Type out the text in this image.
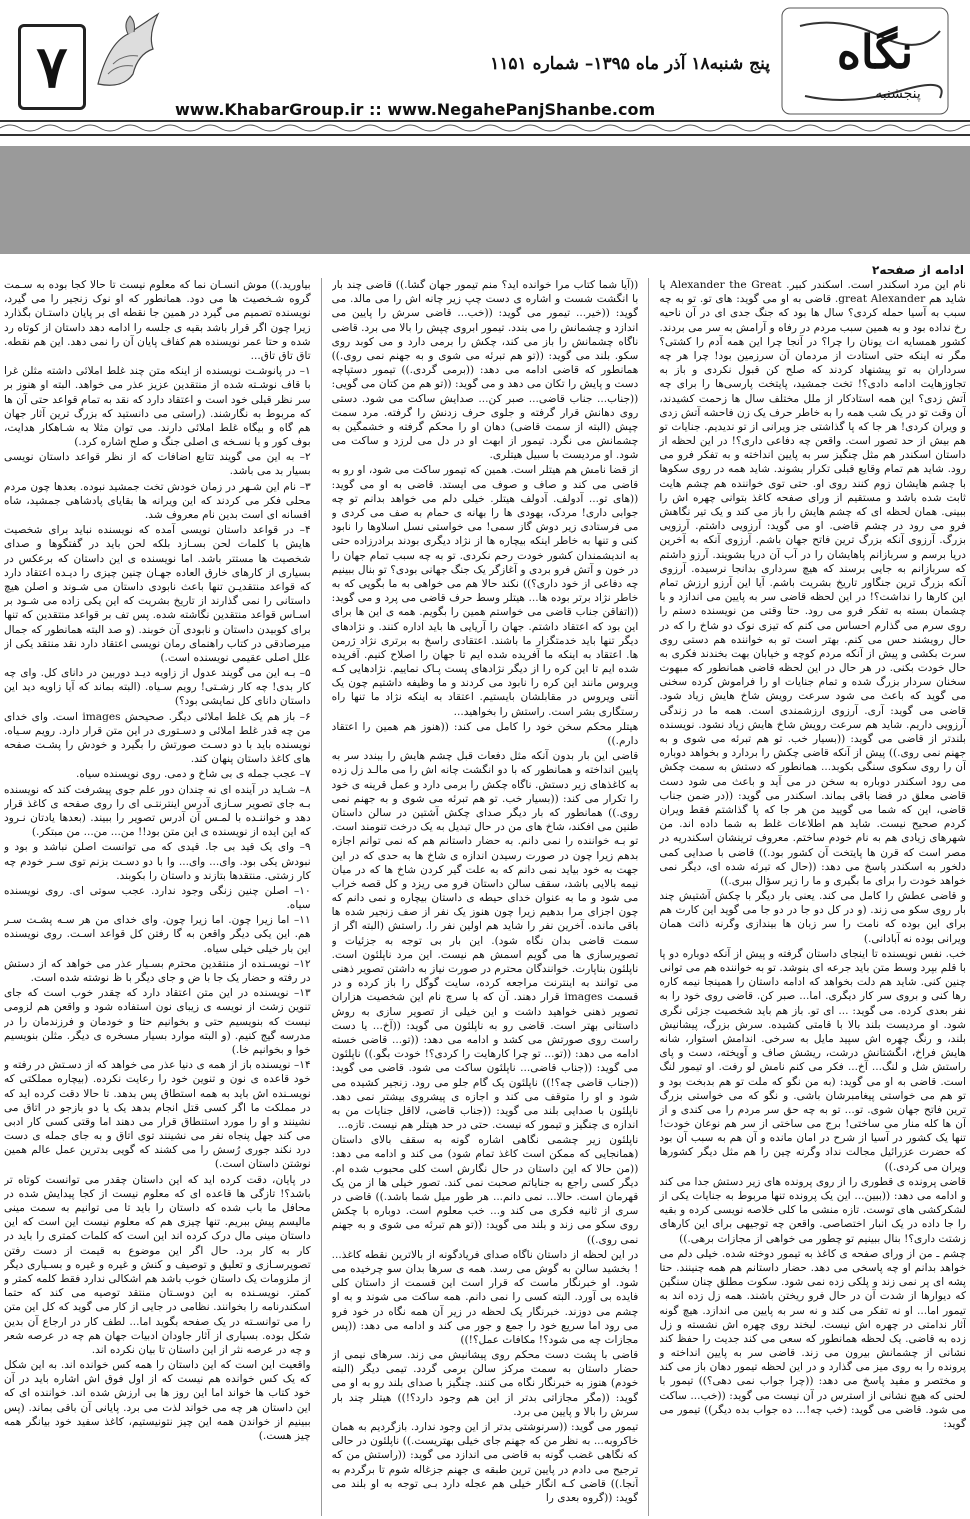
نگاه
پنجشنبه
پنج شنبه۱۸ آذر ماه ۱۳۹۵– شماره ۱۱۵۱
۷
www.KhabarGroup.ir :: www.NegahePanjShanbe.com
ادامه از صفحه۲

نام این مرد اسکندر است. اسکندر کبیر. Alexander the Great یا شاید هم great Alexander. قاضی به او می گوید: های تو. تو به چه سبب به آسیا حمله کردی؟ سال ها بود که جنگ جدی ای در آن ناحیه رخ نداده بود و به همین سبب مردم در رفاه و آرامش به سر می بردند. کشور همسایه ات یونان را چرا؟ در آنجا چرا این همه آدم را کشتی؟ مگر نه اینکه حتی استادت از مردمان آن سرزمین بود! چرا هر چه سرداران به تو پیشنهاد کردند که صلح کن قبول نکردی و باز به تجاوزهایت ادامه دادی؟! تخت جمشید، پایتخت پارسی‌ها را برای چه آتش زدی؟ این همه استادکار از ملل مختلف سال ها زحمت کشیدند، آن وقت تو در یک شب همه را به خاطر حرف یک زن فاحشه آتش زدی و ویران کردی! هر جا که پا گذاشتی جز ویرانی از تو ندیدیم. جنایات تو هم بیش از حد تصور است. واقعن چه دفاعی داری؟! در این لحظه از داستان اسکندر هم مثل چنگیز سر به پایین انداخته و به تفکر فرو می رود. شاید هم تمام وقایع قبلی تکرار بشوند. شاید همه در روی سکوها با چشم هایشان زوم کنند روی او. حتی توی خواننده هم چشم هایت ثابت شده باشد و مستقیم از ورای صفحه کاغذ بتوانی چهره اش را ببینی. همان لحظه ای که چشم هایش را باز می کند و یک تیر نگاهش فرو می رود در چشم قاضی. او می گوید: آرزویی داشتم. آرزویی بزرگ. آرزوی آنکه بزرگ ترین فاتح جهان باشم. آرزوی آنکه به آخرین دریا برسم و سربازانم پاهایشان را در آب آن دریا بشویند. آرزو داشتم که سربازانم به جایی برسند که هیچ سرداری بدانجا نرسیده. آرزوی آنکه بزرگ ترین جنگاور تاریخ بشریت باشم. آیا این آرزو ارزش تمام این کارها را نداشت؟! در این لحظه قاضی سر به پایین می اندازد و با چشمان بسته به تفکر فرو می رود. حتا وقتی من نویسنده دستم را روی سرم می گذارم احساس می کنم که تیزی نوک دو شاخ را که در حال رویشند حس می کنم. بهتر است تو به خواننده هم دستی روی سرت بکشی و پیش از آنکه مردم کوچه و خیابان بهت بخندند فکری به حال خودت بکنی. در هر حال در این لحظه قاضی همانطور که مبهوت سخنان سردار بزرگ شده و تمام جنایات او را فراموش کرده سخنی می گوید که باعث می شود سرعت رویش شاخ هایش زیاد شود. قاضی می گوید: آری. آرزوی ارزشمندی است. همه ما در زندگی آرزویی داریم. شاید هم سرعت رویش شاخ هایش زیاد نشود. نویسنده بلندتر از قاضی می گوید: ((بسیار خب. تو هم تبرئه می شوی و به جهنم نمی روی.)) پیش از آنکه قاضی چکش را بردارد و بخواهد دوباره آن را روی سکوی سنگی بکوبد... همانطور که دستش به سمت چکش می رود اسکندر دوباره به سخن در می آید و باعث می شود دست قاضی معلق در فضا باقی بماند. اسکندر می گوید: ((در ضمن جناب قاضی، این که شما می گویید من هر جا که پا گذاشتم فقط ویران کردم صحیح نیست. شاید هم اطلاعات غلط به شما داده اند. من شهرهای زیادی هم به نام خودم ساختم. معروف ترینشان اسکندریه در مصر است که قرن ها پایتخت آن کشور بود.)) قاضی با صدایی کمی دلخور به اسکندر پاسخ می دهد: ((حال که تبرئه شده ای، دیگر نمی خواهد خودت را برای ما بگیری و ما را زیر سؤال ببری.))

و قاضی عطش را کامل می کند. یعنی بار دیگر با چکش آشتیش چند بار روی سکو می زند. (و در کل دو جا در دو جا می گوید این کارت هم برای این بوده که نامت را سر زبان ها بیندازی وگرنه ذاتت همان ویرانی بوده نه آبادانی.)

خب. نفس نویسنده تا اینجای داستان گرفته و پیش از آنکه دوباره دو پا با قلم بپرد وسط متن باید جرعه ای بنوشد. تو به خواننده هم می توانی چنین کنی. شاید هم دلت بخواهد که ادامه داستان را همینجا نیمه کاره رها کنی و بروی سر کار دیگری. اما... صبر کن. قاضی روی خود را به نفر بعدی کرده. می گوید: ... ای تو. باز هم باید شخصیت جزئی نگری شود. او مردیست بلند بالا با قامتی کشیده. سرش بزرگ، پیشانیش بلند، و رنگ چهره اش سپید مایل به سرخی. اندامش استوار، شانه هایش فراخ، انگشتانش درشت، ریشش صاف و آویخته، دست و پای راستش شل و لنگ... آخ... فکر می کنم نامش لو رفت. او تیمور لنگ است. قاضی به او می گوید: (به من نگو که ملت تو هم بدبخت بود و تو هم می خواستی پیغامبرشان باشی. و نگو که می خواستی بزرگ ترین فاتح جهان شوی. تو... تو به چه حق سر مردم را می کندی و از آن ها کله منار می ساختی! برج می ساختی از سر هم نوعان خودت! تنها یک کشور در آسیا از شرح در امان مانده و آن هم به سبب آن بود که حضرت عزرائیل مجالت نداد وگرنه چین را هم مثل دیگر کشورها ویران می کردی.))

قاضی پرونده ی قطوری را از روی پرونده های زیر دستش جدا می کند و ادامه می دهد: ((ببین... این یک پرونده تنها مربوط به جنایات یکی از لشکرکشی های توست. تازه منشی ما کلی خلاصه نویسی کرده و بقیه را جا داده در یک انبار اختصاصی. واقعن چه توجیهی برای این کارهای زشتت داری؟! بنال ببینیم تو چطور می خواهی از مجازات برهی.))

چشم ـ من از ورای صفحه ی کاغذ به تیمور دوخته شده. خیلی دلم می خواهد بدانم او چه پاسخی می دهد. حضار داستانم هم همه چنینند. حتا پشه ای پر نمی زند و پلکی زده نمی شود. سکوت مطلق چنان سنگین که دیوارها از شدت آن در حال فرو ریختن باشند. همه زل زده اند به تیمور اما... او نه تفکر می کند و نه سر به پایین می اندازد. هیچ گونه آثار ندامتی در چهره اش نیست. لبخند روی چهره اش نشسته و زل زده به قاضی. یک لحظه همانطور که سعی می کند جدیت را حفظ کند نشانی از چشمانش بیرون می زند. قاضی سر به پایین انداخته و پرونده را به روی میز می گذارد و در این لحظه تیمور دهان باز می کند و مختصر و مفید پاسخ می دهد: ((چرا جواب نمی دهی؟)) تیمور با لحنی که هیچ نشانی از استرس در آن نیست می گوید: ((خب... ساکت می شود. قاضی می گوید: (خب چه!... ده جواب بده دیگر)) تیمور می گوید:

((آیا شما کتاب مرا خوانده اید؟ منم تیمور جهان گشا.)) قاضی چند بار با انگشت شست و اشاره ی دست چپ زیر چانه اش را می مالد. می گوید: ((خیر... تیمور می گوید: ((خب... قاضی سرش را پایین می اندازد و چشمانش را می بندد. تیمور ابروی چپش را بالا می برد. قاضی ناگاه چشمانش را باز می کند، چکش را برمی دارد و می کوبد روی سکو. بلند می گوید: ((تو هم تبرئه می شوی و به جهنم نمی روی.)) همانطور که قاضی ادامه می دهد: ((برمی گردی.)) تیمور دستپاچه دست و پایش را تکان می دهد و می گوید: ((تو هم من کتان می گویی: ((جناب... جناب قاضی... صبر کن... صدایش ساکت می شود. دستی روی دهانش قرار گرفته و جلوی حرف زدنش را گرفته. مرد سمت چپش (البته از سمت قاضی) دهان او را محکم گرفته و خشمگین به چشمانش می نگرد. تیمور از ابهت او در دل می لرزد و ساکت می شود. او مردیست با سبیل هیتلری.

از قضا نامش هم هیتلر است. همین که تیمور ساکت می شود، او رو به قاضی می کند و صاف و صوف می ایستد. قاضی به او می گوید: ((های تو... آدولف. آدولف هیتلر. خیلی دلم می خواهد بدانم تو چه جوابی داری! مردک، یهودی ها را بهانه ی حمام به صف می کردی و می فرستادی زیر دوش گاز سمی! می خواستی نسل اسلاوها را نابود کنی و تنها به خاطر اینکه بیچاره ها از نژاد دیگری بودند برادرزاده حتی به اندیشمندان کشور خودت رحم نکردی. تو به چه سبب تمام جهان را در خون و آتش فرو بردی و آغازگر یک جنگ جهانی بودی؟ تو بنال ببینیم چه دفاعی از خود داری؟)) نکند حالا هم می خواهی به ما بگویی که به خاطر نژاد برتر بوده ها... هیتلر وسط حرف قاضی می پرد و می گوید: ((اتفاقن جناب قاضی می خواستم همین را بگویم. همه ی این ها برای این بود که اعتقاد داشتم. جهان را آریایی ها باید اداره کنند. و نژادهای دیگر تنها باید خدمتگزار ما باشند. اعتقادی راسخ به برتری نژاد ژرمن ها. اعتقاد به اینکه ما آفریده شده ایم تا جهان را اصلاح کنیم. آفریده شده ایم تا این کره را از دیگر نژادهای پست پـاک نماییم. نژادهایی کـه ویروس مانند این کره را نابود می کردند و ما وظیفه داشتیم چون یک آنتی ویروس در مقابلشان بایستیم. اعتقاد به اینکه نژاد ما تنها راه رستگاری بشر است. راستش را بخواهید...

هیتلر محکم سخن خود را کامل می کند: ((هنوز هم همین را اعتقاد دارم.))

قاضی این بار بدون آنکه مثل دفعات قبل چشم هایش را ببندد سر به پایین انداخته و همانطور که با دو انگشت چانه اش را می مالـد زل زده به کاغذهای زیر دستش. ناگاه چکش را برمی دارد و عمل قرینه ی خود را تکرار می کند: ((بسیار خب. تو هم تبرئه می شوی و به جهنم نمی روی.)) همانطور که بار دیگر صدای چکش آشتین در سالن داستان طنین می افکند، شاخ های من در حال تبدیل به یک درخت تنومند است. تو بـه خواننده را نمی دانم. به حضار داستانم هم که نمی توانم اجازه بدهم زیرا چون در صورت رسیدن اندازه ی شاخ ها به حدی که در این جهت به خود بیاید نمی دانم که به علت گیر کردن شاخ ها که در میان نیمه بالایی باشد، سقف سالن داستان فرو می ریزد و کل قصه خراب می شود و ما به عنوان خدای حیطه ی داستان بیچاره و نمی دانم که چون اجزای مرا بدهیم زیرا چون هنوز یک نفر از صف زنجیر شده ها باقی مانده. آخرین نفر را شاید هم اولین نفر را. راستش (البته اگر از سمت قاضی بدان نگاه شود). این بار بی توجه به جزئیات و تصویرسازی ها می گویم اسمش هم نیست. این مرد ناپلئون است. ناپلئون بناپارت. خوانندگان محترم در صورت نیاز به داشتن تصویر ذهنی می توانند به اینترنت مراجعه کرده، سایت گوگل را باز کرده و در قسمت images قرار دهند. آن که با سرچ نام این شخصیت هزاران تصویر ذهنی خواهید داشت و این خیلی از تصویر سازی به روش داستانی بهتر است. قاضی رو به ناپلئون می گوید: ((آخ... یا دست راست روی صورتش می کشد و ادامه می دهد: ((تو... قاضی خسته ادامه می دهد: ((تو... تو چرا کارهایت را کردی؟! خودت بگو.)) ناپلئون می گوید: ((جناب قاضی... ناپلئون ساکت می شود. قاضی می گوید: ((جناب قاضی چه؟!)) ناپلئون یک گام جلو می رود. زنجیر کشیده می شود و او را متوقف می کند و اجازه ی پیشروی بیشتر نمی دهد. ناپلئون با صدایی بلند می گوید: ((جناب قاضی، لااقل جنایات من به اندازه ی چنگیز و تیمور که نیست. حتی در حد هیتلر هم نیست. تازه...

ناپلئون زیر چشمی نگاهی اشاره گونه به سقف بالای داستان (همانجایی که ممکن است کاغذ تمام شود) می کند و ادامه می دهد: ((من حالا که این داستان در حال نگارش است کلی محبوب شده ام. دیگر کسی راجع به جنایاتم صحبت نمی کند. تصور خیلی ها از من یک قهرمان است. حالا... نمی دانم... هر طور میل شما باشد.)) قاضی در سری از ثانیه فکری می کند و... خب معلوم است. دوباره با چکش روی سکو می زند و بلند می گوید: ((تو هم تبرئه می شوی و به جهنم نمی روی.))

در این لحظه از داستان ناگاه صدای فریادگونه از بالاترین نقطه کاغذ... ! بخشید سالن به گوش می رسد. همه ی سرها بدان سو چرخیده می شود. او خبرنگار ماست که قرار است این قسمت از داستان کلی فایده بی آورد. البته کسی را نمی دانم. همه ساکت می شوند و به او چشم می دوزند. خبرنگار یک لحظه در زیر آن همه نگاه در خود فرو می رود اما سریع خود را جمع و جور می کند و ادامه می دهد: ((پس مجازات چه می شود؟! مکافات عمل؟!))

قاضی با پشت دست محکم روی پیشانیش می زند. سرهای نیمی از حضار داستان به سمت مرکز سالن برمی گردد. تیمی دیگر (البته خودم) هنوز به خبرنگار نگاه می کنند. چنگیز با صدای بلند رو به او می گوید: ((مگر مجازاتی بدتر از این هم وجود دارد؟!)) هیتلر چند بار سرش را بالا و پایین می برد.

تیمور می گوید: ((سرنوشتی بدتر از این وجود ندارد. بازگردیم به همان خاکروبه... به نظر من که جهنم جای خیلی بهتریست.)) ناپلئون در حالی که نگاهی غضب گونه به قاضی می اندازد می گوید: ((راستش من که ترجیح می دادم در پایین ترین طبقه ی جهنم جزغاله شوم تا برگردم به آنجا.)) قاضی کـه انگار خیلی هم عجله دارد بـی توجه به او بلند می گوید: ((گروه بعدی را

بیاورید.)) موش انسـان نما که معلوم نیست تا حالا کجا بوده به سـمت گروه شـخصیت ها می دود. همانطور که او نوک زنجیر را می گیرد، نویسنده تصمیم می گیرد در همین جا نقطه ای بر پایان داستـان بگذارد زیرا چون اگر قرار باشد بقیه ی جلسه را ادامه دهد داستان از کوتاه رد شده و حتا عمر نویسنده هم کفاف پایان آن را نمی دهد. این هم نقطه. تاق تاق تاق...

۱– در پانوشـت نویسنده از اینکه متن چند غلط املائی داشته مثلن غرا با قاف نوشـته شده از منتقدین عزیز عذر می خواهد. البته او هنوز بر سر نظر قبلی خود است و اعتقاد دارد که نقد به تمام قواعد حتی آن ها که مربوط به نگارشند. (راستی می دانستید که بزرگ ترین آثار جهان هم گاه و بیگاه غلط املائی دارند. می توان مثلا به شـاهکار هدایت، بوف کور و یا نسـخه ی اصلی جنگ و صلح اشاره کرد.)

۲– به این می گویند تتابع اضافات که از نظر قواعد داستان نویسی بسیار بد می باشد.

۳– نام این شـهر در زمان خودش تخت جمشید نبوده. بعدها چون مردم محلی فکر می کردند که این ویرانه ها بقایای پادشاهی جمشید، شاه افسانه ای است بدین نام معروف شد.

۴– در قواعد داستان نویسی آمده که نویسنده نباید برای شخصیت هایش با کلمات لحن بسـازد بلکه لحن باید در گفتگوها و صدای شخصیت ها مستتر باشد. اما نویسنده ی این داستان که برعکس در بسیاری از کارهای خارق العاده جهـان چنین چیزی را دیـده اعتقاد دارد که قواعد منتقدیـن تنها باعث نابودی داستان می شـوند و اصلن هیچ داستانی را نمی گذارند از تاریخ بشریت که این یکی زاده می شـود بر اسـاس قواعد منتقدین نگاشته شده. پس تف بر قواعد منتقدین که تنها برای کوبیدن داستان و نابودی آن خوبند. (و صد البته همانطور که جمال میرصادقی در کتاب راهنمای رمان نویسی اعتقاد دارد نقد منتقد یکی از علل اصلی عقیمی نویسنده است.)

۵– بـه این می گویند عدول از زاویه دیـد دوربین در دانای کل. وای چه کار بدی! چه کار زشـتی! رویم سـیاه. (البته بماند که آیا زاویه دید این داستان دانای کل نمایشی بود؟)

۶– باز هم یک غلط املائی دیگر. صحیحش images است. وای خدای من چه قدر غلط املائی و دسـتوری در این متن قرار دارد. رویم سـیاه. نویسنده باید با دو دسـت صورتش را بگیرد و خودش را پشـت صفحه های کاغذ داستان پنهان کند.

۷– عجب جمله ی بی شاخ و دمی. روی نویسنده سیاه.

۸– شـاید در آینده ای نه چندان دور علم جوی پیشرفت کند که نویسنده بـه جای تصویر سـازی آدرس اینترنتـی ای را روی صفحه ی کاغذ قرار دهد و خواننـده با لمـس آن آدرس تصویر را ببیند. (بعدها یادتان نـرود که این ایده از نویسنده ی این متن بود!! من... من... من مبتکر.)

۹– وای یک قید بی جا. قیدی که می توانست اصلن نباشد و بود و نبودش یکی بود. وای... وای... وا با دو دسـت بزنم توی سـر خودم چه کار زشتی. منتقدها بتازند و داستان را بکوبند.

۱۰– اصلن چنین زنگی وجود ندارد. عجب سوتی ای. روی نویسنده سیاه.

۱۱– اما زیرا چون. اما زیرا چون. وای خدای من هر سـه پشـت سـر هم. این یکی دیگر واقعن به گا رفتن کل قواعد اسـت. روی نویسنده این بار خیلی خیلی سیاه.

۱۲– نویسـنده از منتقدین محترم بسـیار عذر می خواهد که از دستش در رفته و حضار یک جا با ض و جای دیگر با ظ نوشته شده است.

۱۳– نویسنده در این متن اعتقاد دارد که چقدر خوب است که جای تنوین زشت از نویسه ی زیبای نون استفاده شود و واقعن هم لزومی نیست که بنویسیم حتی و بخوانیم حتا و خودمان و فرزندمان را در مدرسه گیج کنیم. (و البته موارد بسیار مسخره ی دیگر. مثلن بنویسیم خوا و بخوانیم خا.)

۱۴– نویسنده باز از همه ی دنیا عذر می خواهد که از دسـتش در رفته و خود قاعده ی نون و تنوین خود را رعایت نکرده. (بیچاره مملکتی که نویسـنده اش باید به همه استطاق پس بدهد. تا حالا دقت کرده اید که در مملکت ما اگر کسی قتل انجام بدهد یک یا دو بازجو در اتاق می نشینند و او را مورد استنطاق قرار می دهند اما وقتی کسی کار ادبی می کند جهل پنجاه نفر می نشینند توی اتاق و به جای جمله ی دست درد نکند جوری رُسش را می کشند که گویی بدترین عمل عالم همین نوشتن داستان است.)

در پایان، دقت کرده اید که این داستان چقدر می توانست کوتاه تر باشد؟! تازگی ها قاعده ای که معلوم نیست از کجا پیدایش شده در محافل ما باب شده که داستان را باید تا می توانیم به سمت مینی مالیسم پیش ببریم. تنها چیزی هم که معلوم نیست این است که این داستان مینی مال درک کرده اند این است که کلمات کمتری را باید در کار به کار برد. حال اگر این موضوع به قیمت از دست رفتن تصویرسـازی و تعلیق و توصیف و کنش و غیره و غیره و بسـیاری دیگر از ملزومات یک داستان خوب باشد هم اشکالی ندارد فقط کلمه کمتر و کمتر. نویسـنده به این دوسـتان منتقد توصیه می کند که حتما اسکندرنامه را بخوانند. نظامی در جایی از کار می گوید که کل این متن را می توانسـته در یک صفحه بگوید اما... لطف کار در ارجاع آن بدین شکل بوده. بسیاری از آثار جاودان ادبیات جهان هم چه در عرصه شعر و چه در عرصه نثر از این داستان تا بیان نکرده اند.

واقعیت این است که این داستان را همه کس خوانده اند. به این شکل که یک کس خوانده هم نیست که از اول فوق اش اشاره باید در آن خود کتاب ها خواند اما این روز ها بی ارزش شده اند. خواننده ای که این داستان هر چه می خواند لذت می برد. پایانی آن باقی بماند. (پس ببینیم از خواندن همه این چیز نتونیستیم، کاغذ سفید خود بیانگر همه چیز هست.)
